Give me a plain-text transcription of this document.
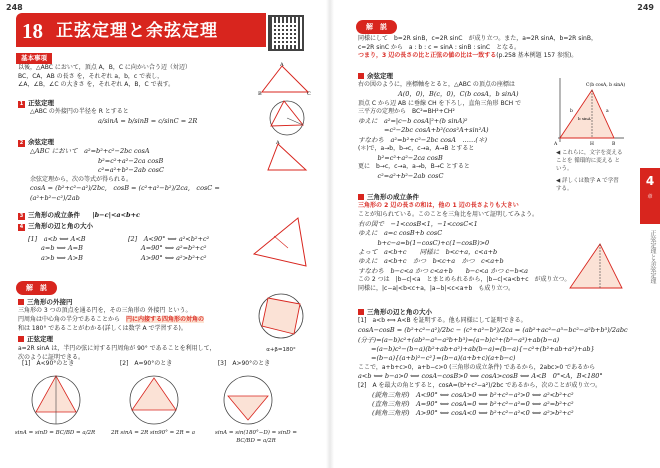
248
18 正弦定理と余弦定理
基本事項
以後，△ABC において，頂点 A，B，C に向かい合う辺（対辺）
BC，CA，AB の長さ を，それぞれ a，b，c で表し，
∠A，∠B，∠C の大きさ を，それぞれ A，B，C で表す。
A
B	C
1 正弦定理
△ABC の外接円の半径を R とすると
a/sinA = b/sinB = c/sinC = 2R
2 余弦定理
△ABC において　a²=b²+c²−2bc cosA
b²=c²+a²−2ca cosB
c²=a²+b²−2ab cosC
余弦定理から，次の等式が得られる。
cosA = (b²+c²−a²)/2bc,　cosB = (c²+a²−b²)/2ca,　cosC = (a²+b²−c²)/2ab
A
3 三角形の成立条件 |b−c|<a<b+c
4 三角形の辺と角の大小
[1]　a<b ⟺ A<B	[2]　A<90° ⟺ a²<b²+c²
　　a=b ⟺ A=B	　　A=90° ⟺ a²=b²+c²
　　a>b ⟺ A>B	　　A>90° ⟺ a²>b²+c²
解　説
三角形の外接円
三角形の 3 つの頂点を通る円を，その三角形の 外接円 という。
円周角は中心角の半分であることから　 円に内接する四角形の対角の
和は 180° であることがわかる(詳しくは数学 A で学習する)。
正弦定理
a=2R sinA は，半円の弦に対する円周角が 90° であることを利用して，
次のように証明できる。
α+β=180°
[1]　A<90°のとき	[2]　A=90°のとき	[3]　A>90°のとき
sinA = sinD = BC/BD = a/2R	2R sinA = 2R sin90° = 2R = a	sinA = sin(180°−D) = sinD = BC/BD = a/2R
249
解　説
同様にして　b=2R sinB，c=2R sinC　が成り立つ。また，a=2R sinA，b=2R sinB，
c=2R sinC から　a : b : c = sinA : sinB : sinC　となる。
つまり，3 辺の長さの比と正弦の値の比は一致する(p.258 基本例題 157 参照)。
余弦定理
右の図のように，座標軸をとると，△ABC の頂点の座標は
A(0，0)，B(c，0)，C(b cosA，b sinA)
頂点 C から辺 AB に垂線 CH を下ろし，直角三角形 BCH で
三平方の定理から　BC²=BH²+CH²
ゆえに　a²=|c−b cosA|²+(b sinA)²
　　　　=c²−2bc cosA+b²(cos²A+sin²A)
すなわち　a²=b²+c²−2bc cosA　……(＊)
(＊)で，a→b，b→c，c→a，A→B とすると
　　　b²=c²+a²−2ca cosB
更に　b→c，c→a，a→b，B→C とすると
　　　c²=a²+b²−2ab cosC
C(b cosA, b sinA)
A	B
H
b	a
b sinA
◀ これらに，文字を変えることを 循環的に変える という。
◀ 詳しくは数学 A で学習する。
4
章
正弦定理と余弦定理
三角形の成立条件
三角形の 2 辺の長さの和は，他の 1 辺の長さよりも大きい
ことが知られている。このことを三角比を用いて証明してみよう。
右の図で　−1<cosB<1，−1<cosC<1
ゆえに　a=c cosB+b cosC
　　　b+c−a=b(1−cosC)+c(1−cosB)>0
よって　a<b+c　　同様に　b<c+a，c<a+b
ゆえに　a<b+c　かつ　b<c+a　かつ　c<a+b
すなわち　b−c<a かつ c<a+b　　b−c<a かつ c−b<a
この 2 つは　|b−c|<a　とまとめられるから，|b−c|<a<b+c　が成り立つ。
同様に，|c−a|<b<c+a，|a−b|<c<a+b　も成り立つ。
三角形の辺と角の大小
[1]　a<b ⟺ A<B を証明する。他も同様にして証明できる。
cosA−cosB = (b²+c²−a²)/2bc − (c²+a²−b²)/2ca = (ab²+ac²−a³−bc²−a²b+b³)/2abc
(分子)=(a−b)c²+(ab²−a³−a²b+b³)=(a−b)c²+(b³−a³)+ab(b−a)
　　=(a−b)c²−(b−a)(b²+ab+a²)+ab(b−a)=(b−a){−c²+(b²+ab+a²)+ab}
　　=(b−a){(a+b)²−c²}=(b−a)(a+b+c)(a+b−c)
ここで，a+b+c>0，a+b−c>0 (三角形の成立条件) であるから，2abc>0 であるから
a<b ⟺ b−a>0 ⟺ cosA−cosB>0 ⟺ cosA>cosB ⟺ A<B　0°<A，B<180°
[2]　A を最大の角とすると，cosA=(b²+c²−a²)/2bc であるから，次のことが成り立つ。
(鋭角三角形)　A<90° ⟺ cosA>0 ⟺ b²+c²−a²>0 ⟺ a²<b²+c²
(直角三角形)　A=90° ⟺ cosA=0 ⟺ b²+c²−a²=0 ⟺ a²=b²+c²
(鈍角三角形)　A>90° ⟺ cosA<0 ⟺ b²+c²−a²<0 ⟺ a²>b²+c²
